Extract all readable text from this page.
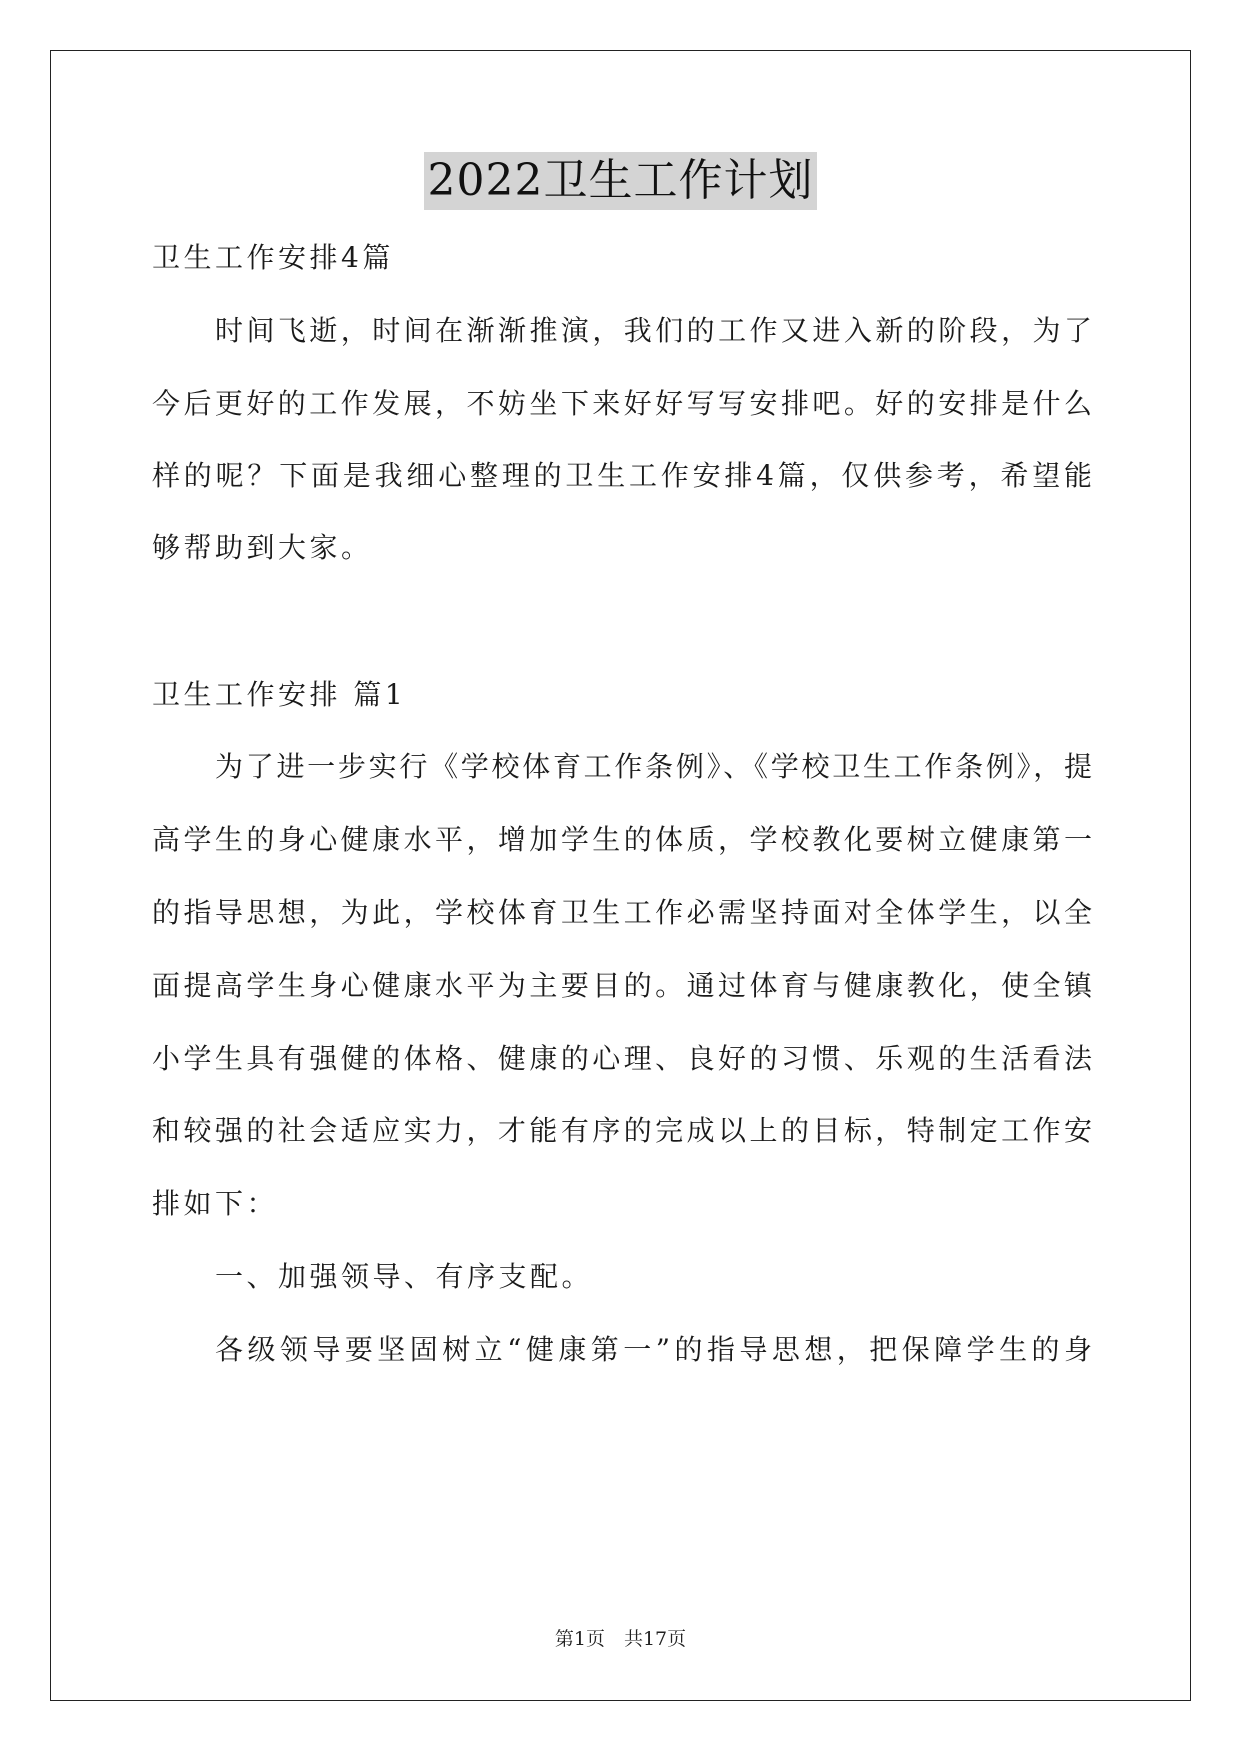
2022卫生工作计划
卫生工作安排4篇
时间飞逝，时间在渐渐推演，我们的工作又进入新的阶段，为了
今后更好的工作发展，不妨坐下来好好写写安排吧。好的安排是什么
样的呢？下面是我细心整理的卫生工作安排4篇，仅供参考，希望能
够帮助到大家。
卫生工作安排 篇1
为了进一步实行《学校体育工作条例》、《学校卫生工作条例》，提
高学生的身心健康水平，增加学生的体质，学校教化要树立健康第一
的指导思想，为此，学校体育卫生工作必需坚持面对全体学生，以全
面提高学生身心健康水平为主要目的。通过体育与健康教化，使全镇
小学生具有强健的体格、健康的心理、良好的习惯、乐观的生活看法
和较强的社会适应实力，才能有序的完成以上的目标，特制定工作安
排如下：
一、加强领导、有序支配。
各级领导要坚固树立“健康第一”的指导思想，把保障学生的身
第1页　共17页
